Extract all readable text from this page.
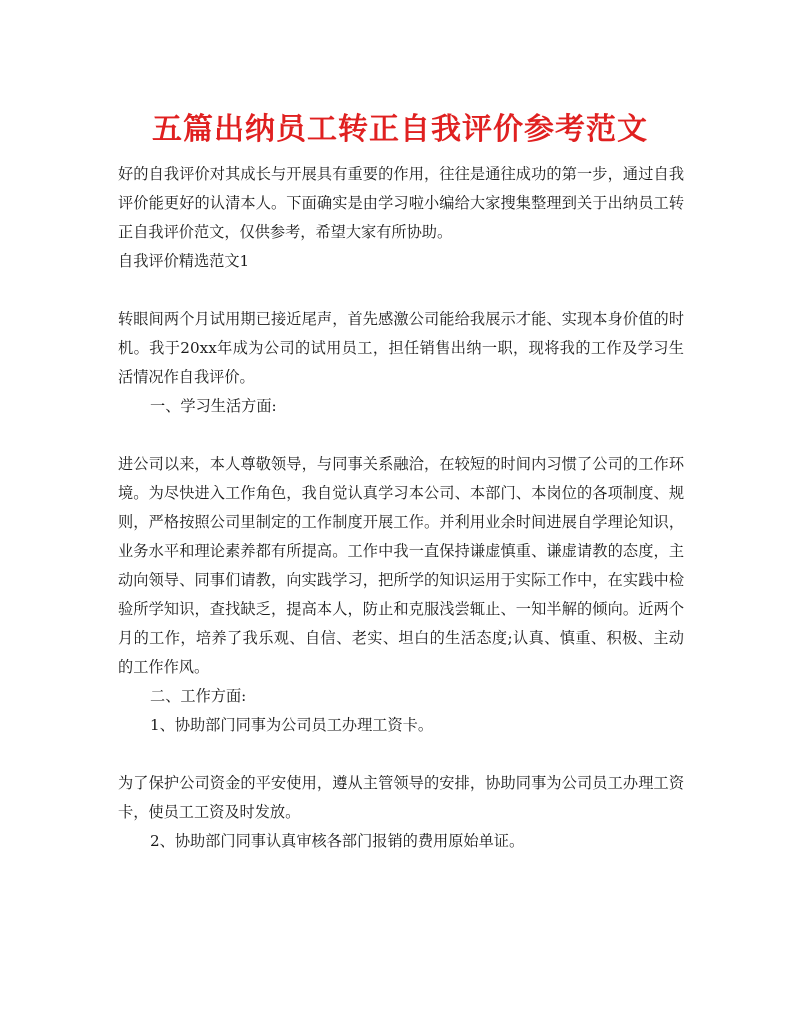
五篇出纳员工转正自我评价参考范文

好的自我评价对其成长与开展具有重要的作用，往往是通往成功的第一步，通过自我评价能更好的认清本人。下面确实是由学习啦小编给大家搜集整理到关于出纳员工转正自我评价范文，仅供参考，希望大家有所协助。

自我评价精选范文1

转眼间两个月试用期已接近尾声，首先感激公司能给我展示才能、实现本身价值的时机。我于20xx年成为公司的试用员工，担任销售出纳一职，现将我的工作及学习生活情况作自我评价。

一、学习生活方面:

进公司以来，本人尊敬领导，与同事关系融洽，在较短的时间内习惯了公司的工作环境。为尽快进入工作角色，我自觉认真学习本公司、本部门、本岗位的各项制度、规则，严格按照公司里制定的工作制度开展工作。并利用业余时间进展自学理论知识，业务水平和理论素养都有所提高。工作中我一直保持谦虚慎重、谦虚请教的态度，主动向领导、同事们请教，向实践学习，把所学的知识运用于实际工作中，在实践中检验所学知识，查找缺乏，提高本人，防止和克服浅尝辄止、一知半解的倾向。近两个月的工作，培养了我乐观、自信、老实、坦白的生活态度;认真、慎重、积极、主动的工作作风。

二、工作方面:

1、协助部门同事为公司员工办理工资卡。

为了保护公司资金的平安使用，遵从主管领导的安排，协助同事为公司员工办理工资卡，使员工工资及时发放。

2、协助部门同事认真审核各部门报销的费用原始单证。
